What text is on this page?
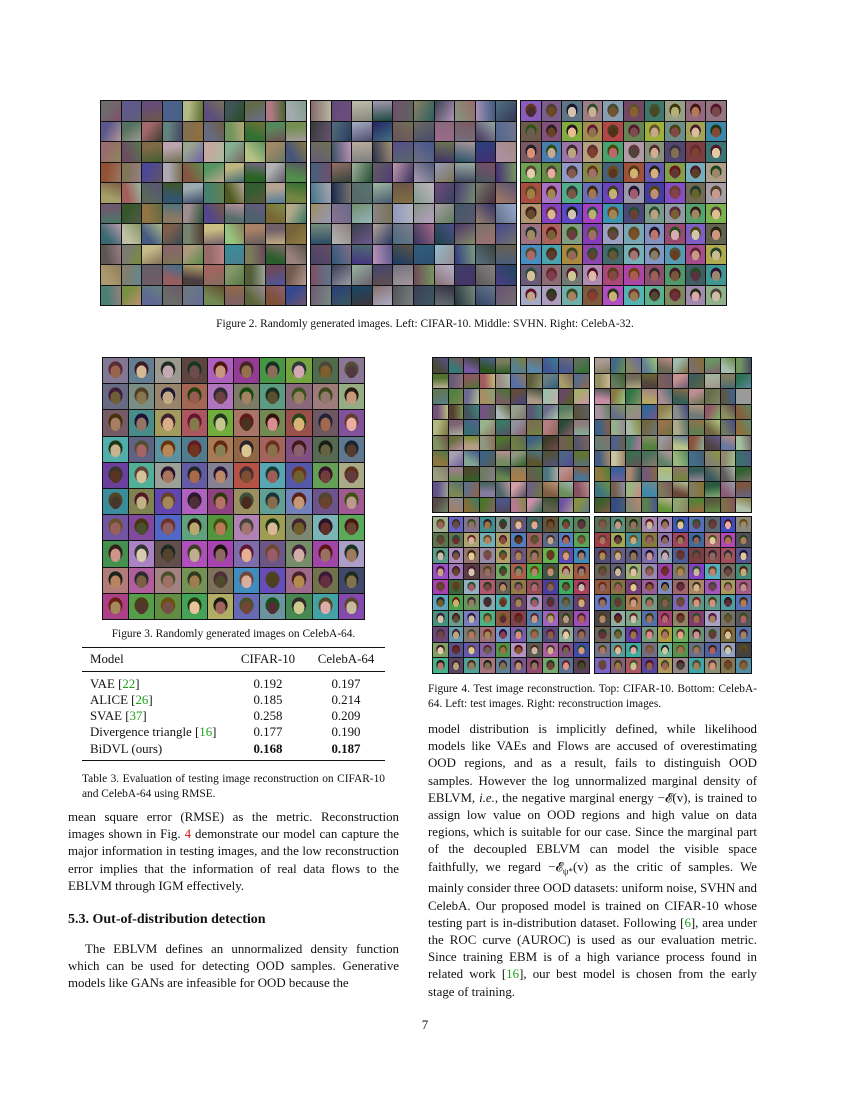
Figure 2. Randomly generated images. Left: CIFAR-10. Middle: SVHN. Right: CelebA-32.
Figure 3. Randomly generated images on CelebA-64.
Figure 4. Test image reconstruction. Top: CIFAR-10. Bottom: CelebA-64. Left: test images. Right: reconstruction images.
Model	CIFAR-10	CelebA-64
VAE [22]	0.192	0.197
ALICE [26]	0.185	0.214
SVAE [37]	0.258	0.209
Divergence triangle [16]	0.177	0.190
BiDVL (ours)	0.168	0.187
Table 3. Evaluation of testing image reconstruction on CIFAR-10 and CelebA-64 using RMSE.
mean square error (RMSE) as the metric. Reconstruction images shown in Fig. 4 demonstrate our model can capture the major information in testing images, and the low reconstruction error implies that the information of real data flows to the EBLVM through IGM effectively.
5.3. Out-of-distribution detection
The EBLVM defines an unnormalized density function which can be used for detecting OOD samples. Generative models like GANs are infeasible for OOD because the
model distribution is implicitly defined, while likelihood models like VAEs and Flows are accused of overestimating OOD regions, and as a result, fails to distinguish OOD samples. However the log unnormalized marginal density of EBLVM, i.e., the negative marginal energy −𝓔(v), is trained to assign low value on OOD regions and high value on data regions, which is suitable for our case. Since the marginal part of the decoupled EBLVM can model the visible space faithfully, we regard −𝓔$_{\psi*}$(v) as the critic of samples. We mainly consider three OOD datasets: uniform noise, SVHN and CelebA. Our proposed model is trained on CIFAR-10 whose testing part is in-distribution dataset. Following [6], area under the ROC curve (AUROC) is used as our evaluation metric. Since training EBM is of a high variance process found in related work [16], our best model is chosen from the early stage of training.
7
